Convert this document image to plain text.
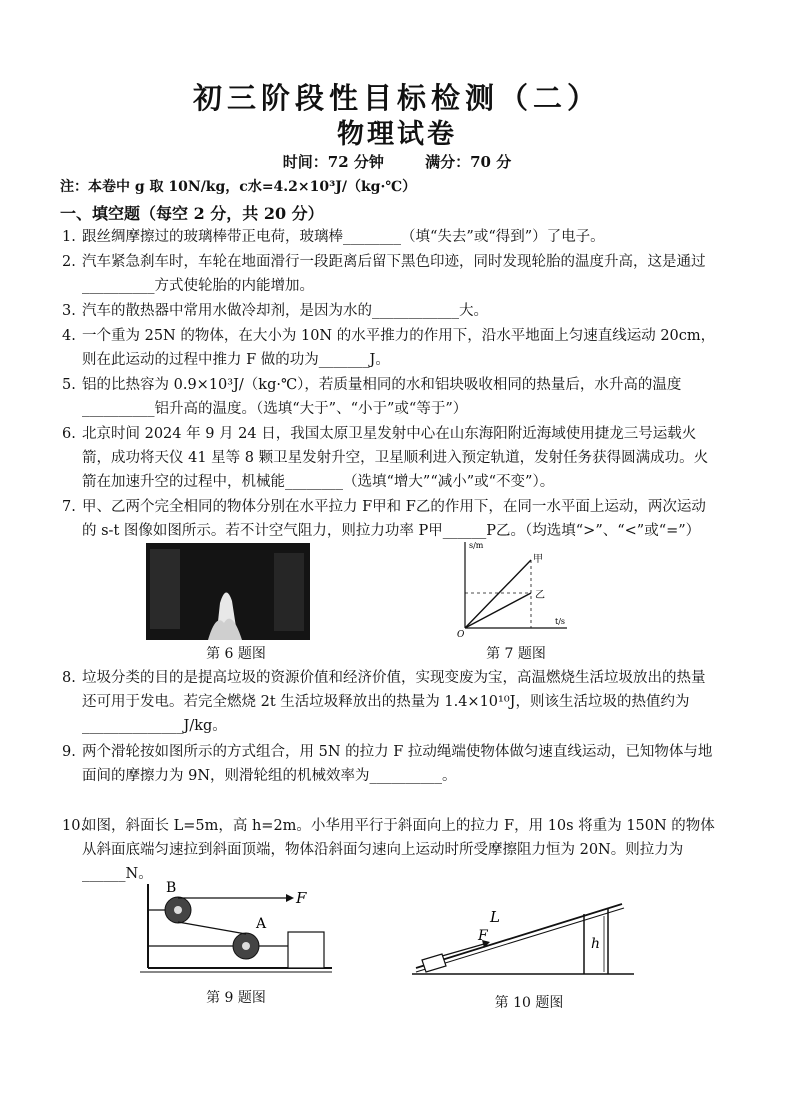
初三阶段性目标检测（二）
物理试卷
时间：72 分钟	满分：70 分
注：本卷中 g 取 10N/kg，c水=4.2×10³J/（kg·℃）
一、填空题（每空 2 分，共 20 分）
1. 跟丝绸摩擦过的玻璃棒带正电荷，玻璃棒________（填“失去”或“得到”）了电子。
2. 汽车紧急刹车时，车轮在地面滑行一段距离后留下黑色印迹，同时发现轮胎的温度升高，这是通过__________方式使轮胎的内能增加。
3. 汽车的散热器中常用水做冷却剂，是因为水的____________大。
4. 一个重为 25N 的物体，在大小为 10N 的水平推力的作用下，沿水平地面上匀速直线运动 20cm，则在此运动的过程中推力 F 做的功为_______J。
5. 铝的比热容为 0.9×10³J/（kg·℃），若质量相同的水和铝块吸收相同的热量后，水升高的温度__________铝升高的温度。（选填“大于”、“小于”或“等于”）
6. 北京时间 2024 年 9 月 24 日，我国太原卫星发射中心在山东海阳附近海域使用捷龙三号运载火箭，成功将天仪 41 星等 8 颗卫星发射升空，卫星顺利进入预定轨道，发射任务获得圆满成功。火箭在加速升空的过程中，机械能________（选填“增大”“减小”或“不变”）。
7. 甲、乙两个完全相同的物体分别在水平拉力 F甲和 F乙的作用下，在同一水平面上运动，两次运动的 s-t 图像如图所示。若不计空气阻力，则拉力功率 P甲______P乙。（均选填“>”、“<”或“=”）
第 6 题图
s/m
t/s
O
甲
乙
第 7 题图
8. 垃圾分类的目的是提高垃圾的资源价值和经济价值，实现变废为宝，高温燃烧生活垃圾放出的热量还可用于发电。若完全燃烧 2t 生活垃圾释放出的热量为 1.4×10¹⁰J，则该生活垃圾的热值约为______________J/kg。
9. 两个滑轮按如图所示的方式组合，用 5N 的拉力 F 拉动绳端使物体做匀速直线运动，已知物体与地面间的摩擦力为 9N，则滑轮组的机械效率为__________。
10.
如图，斜面长 L=5m，高 h=2m。小华用平行于斜面向上的拉力 F，用 10s 将重为 150N 的物体从斜面底端匀速拉到斜面顶端，物体沿斜面匀速向上运动时所受摩擦阻力恒为 20N。则拉力为______N。
B
A
F
第 9 题图
L
F	h
第 10 题图
